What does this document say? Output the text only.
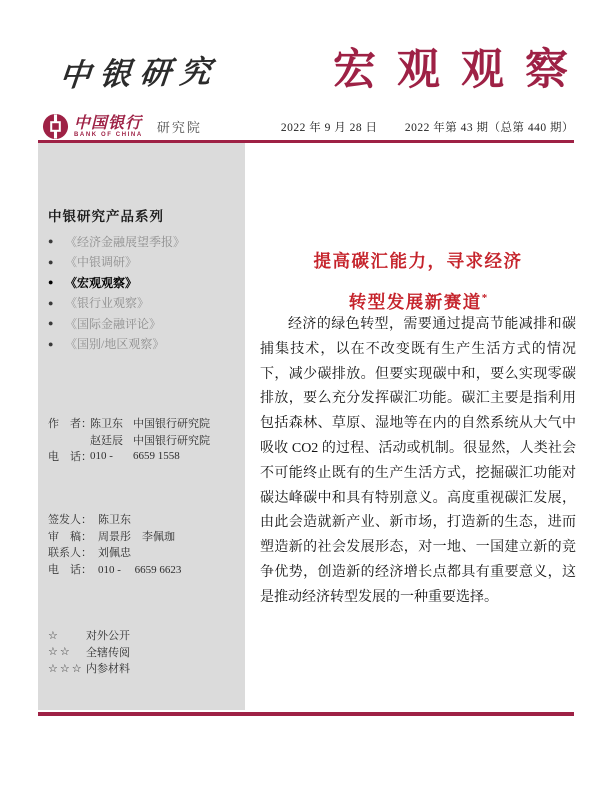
中银研究	宏观观察
中国银行
BANK OF CHINA 研究院	2022 年 9 月 28 日 2022 年第 43 期（总第 440 期）
中银研究产品系列
● 《经济金融展望季报》
● 《中银调研》
● 《宏观观察》
● 《银行业观察》
● 《国际金融评论》
● 《国别/地区观察》
作　者：
陈卫东 中国银行研究院
赵廷辰 中国银行研究院
电　话：
010 -	6659 1558
签发人： 陈卫东
审　稿： 周景彤　李佩珈
联系人： 刘佩忠
电　话： 010 -　 6659 6623
☆	对外公开
☆☆	全辖传阅
☆☆☆ 内参材料
提高碳汇能力，寻求经济
转型发展新赛道*
经济的绿色转型，需要通过提高节能减排和碳捕集技术，以在不改变既有生产生活方式的情况下，减少碳排放。但要实现碳中和，要么实现零碳排放，要么充分发挥碳汇功能。碳汇主要是指利用包括森林、草原、湿地等在内的自然系统从大气中吸收 CO2 的过程、活动或机制。很显然，人类社会不可能终止既有的生产生活方式，挖掘碳汇功能对碳达峰碳中和具有特别意义。高度重视碳汇发展，由此会造就新产业、新市场，打造新的生态，进而塑造新的社会发展形态，对一地、一国建立新的竞争优势，创造新的经济增长点都具有重要意义，这是推动经济转型发展的一种重要选择。
